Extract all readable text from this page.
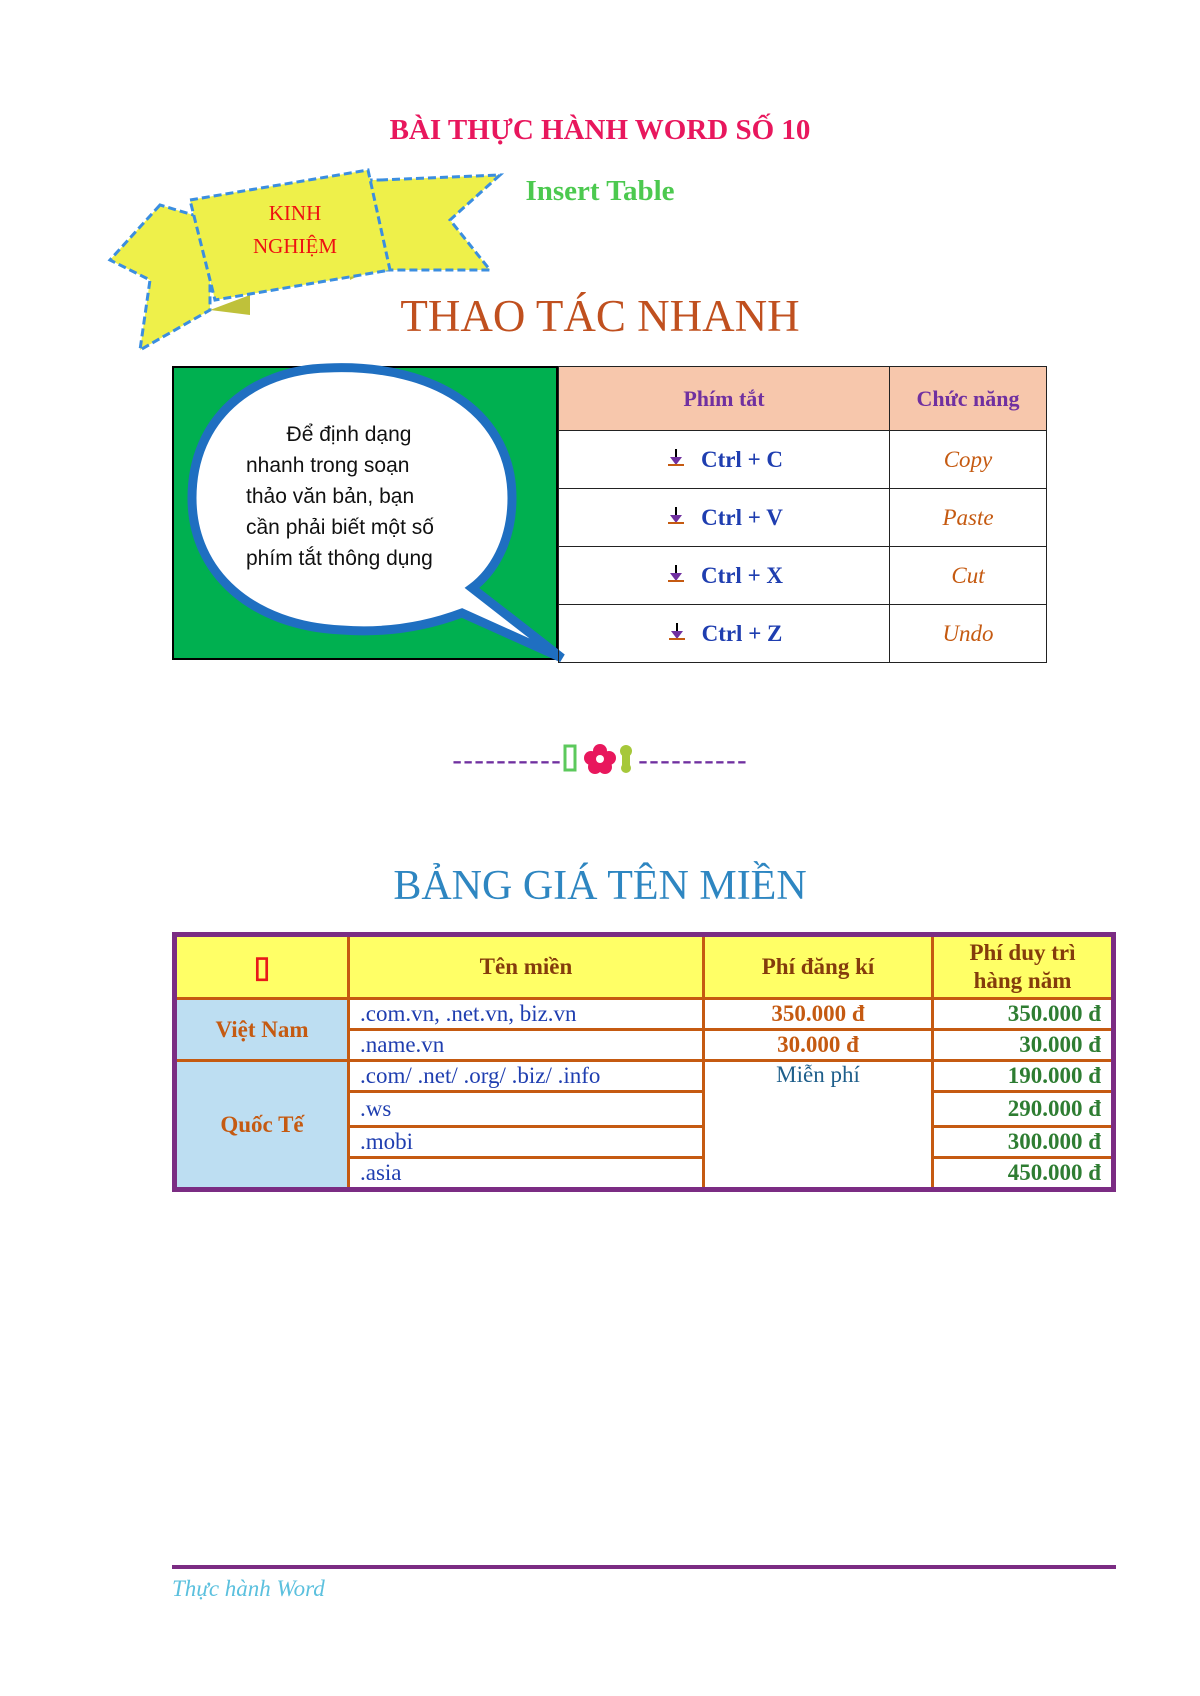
BÀI THỰC HÀNH WORD SỐ 10
Insert Table
KINH
NGHIỆM
THAO TÁC NHANH
Để định dạng
nhanh trong soạn
thảo văn bản, bạn
cần phải biết một số
phím tắt thông dụng
Phím tắt	Chức năng
Ctrl + C	Copy
Ctrl + V	Paste
Ctrl + X	Cut
Ctrl + Z	Undo
----------	----------
BẢNG GIÁ TÊN MIỀN
▯	Tên miền	Phí đăng kí	Phí duy trì
hàng năm

Việt Nam	.com.vn, .net.vn, biz.vn	350.000 đ	350.000 đ
	.name.vn	30.000 đ	30.000 đ
Quốc Tế	.com/ .net/ .org/ .biz/ .info	Miễn phí	190.000 đ
	.ws		290.000 đ
	.mobi		300.000 đ
	.asia		450.000 đ
Thực hành Word
